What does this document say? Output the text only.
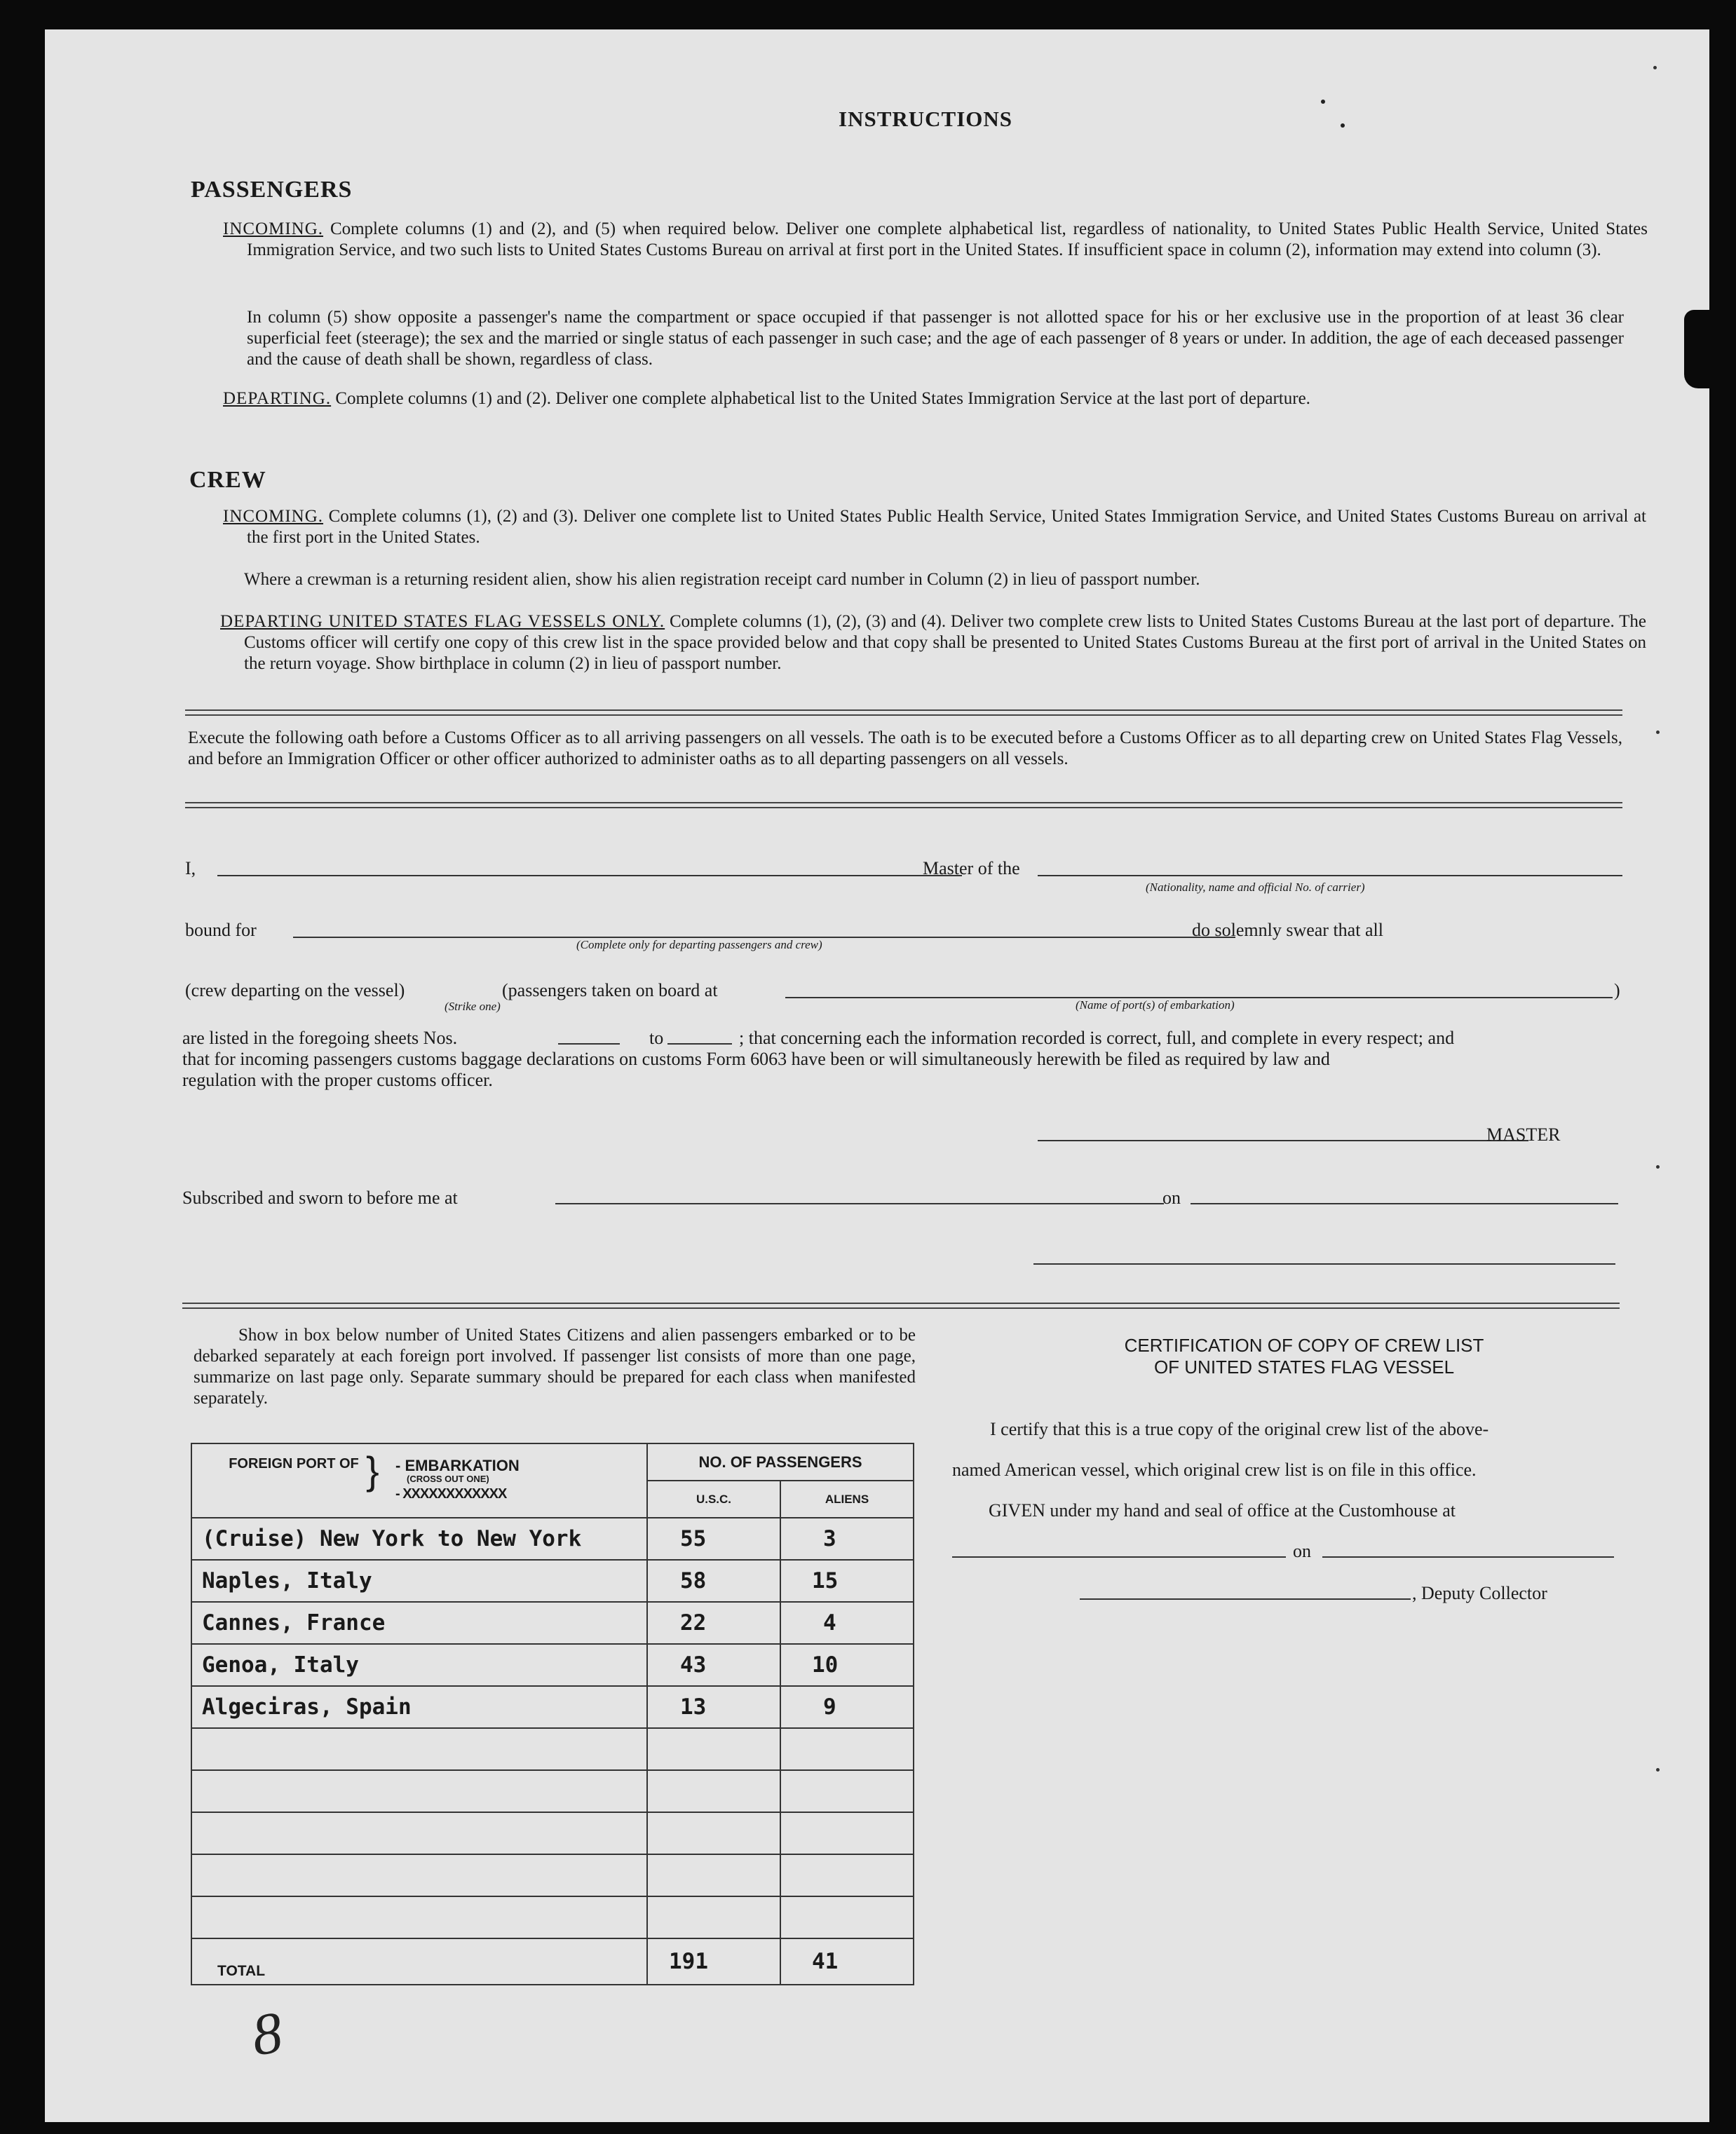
INSTRUCTIONS
PASSENGERS
INCOMING. Complete columns (1) and (2), and (5) when required below. Deliver one complete alphabetical list, regardless of nationality, to United States Public Health Service, United States Immigration Service, and two such lists to United States Customs Bureau on arrival at first port in the United States. If insufficient space in column (2), information may extend into column (3).
In column (5) show opposite a passenger's name the compartment or space occupied if that passenger is not allotted space for his or her exclusive use in the proportion of at least 36 clear superficial feet (steerage); the sex and the married or single status of each passenger in such case; and the age of each passenger of 8 years or under. In addition, the age of each deceased passenger and the cause of death shall be shown, regardless of class.
DEPARTING. Complete columns (1) and (2). Deliver one complete alphabetical list to the United States Immigration Service at the last port of departure.
CREW
INCOMING. Complete columns (1), (2) and (3). Deliver one complete list to United States Public Health Service, United States Immigration Service, and United States Customs Bureau on arrival at the first port in the United States.
Where a crewman is a returning resident alien, show his alien registration receipt card number in Column (2) in lieu of passport number.
DEPARTING UNITED STATES FLAG VESSELS ONLY. Complete columns (1), (2), (3) and (4). Deliver two complete crew lists to United States Customs Bureau at the last port of departure. The Customs officer will certify one copy of this crew list in the space provided below and that copy shall be presented to United States Customs Bureau at the first port of arrival in the United States on the return voyage. Show birthplace in column (2) in lieu of passport number.
Execute the following oath before a Customs Officer as to all arriving passengers on all vessels. The oath is to be executed before a Customs Officer as to all departing crew on United States Flag Vessels, and before an Immigration Officer or other officer authorized to administer oaths as to all departing passengers on all vessels.
I,	Master of the
(Nationality, name and official No. of carrier)
bound for
(Complete only for departing passengers and crew)
do solemnly swear that all
(crew departing on the vessel)
(Strike one)
(passengers taken on board at	)
(Name of port(s) of embarkation)
are listed in the foregoing sheets Nos.	to	; that concerning each the information recorded is correct, full, and complete in every respect; and
that for incoming passengers customs baggage declarations on customs Form 6063 have been or will simultaneously herewith be filed as required by law and
regulation with the proper customs officer.
MASTER
Subscribed and sworn to before me at	on
Show in box below number of United States Citizens and alien passengers embarked or to be debarked separately at each foreign port involved. If passenger list consists of more than one page, summarize on last page only. Separate summary should be prepared for each class when manifested separately.
FOREIGN PORT OF } - EMBARKATION
(CROSS OUT ONE)
- XXXXXXXXXXXX	NO. OF PASSENGERS	
	U.S.C.	ALIENS
(Cruise) New York to New York	55	3
Naples, Italy	58	15
Cannes, France	22	4
Genoa, Italy	43	10
Algeciras, Spain	13	9

TOTAL	191	41
CERTIFICATION OF COPY OF CREW LIST
OF UNITED STATES FLAG VESSEL
I certify that this is a true copy of the original crew list of the above-
named American vessel, which original crew list is on file in this office.
GIVEN under my hand and seal of office at the Customhouse at
on
, Deputy Collector
8
